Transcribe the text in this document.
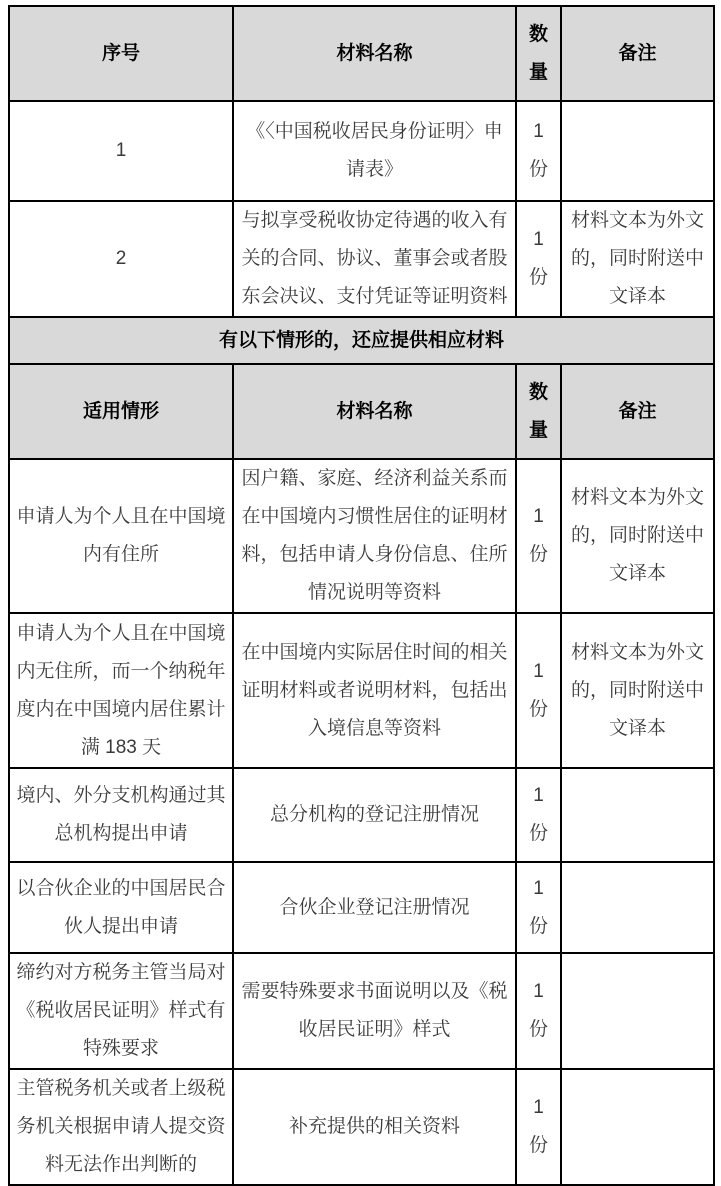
序号	材料名称	数量	备注
1	《〈中国税收居民身份证明〉申请表》	1 份	
2	与拟享受税收协定待遇的收入有关的合同、协议、董事会或者股东会决议、支付凭证等证明资料	1 份	材料文本为外文的，同时附送中文译本
有以下情形的，还应提供相应材料			
适用情形	材料名称	数量	备注
申请人为个人且在中国境内有住所	因户籍、家庭、经济利益关系而在中国境内习惯性居住的证明材料，包括申请人身份信息、住所情况说明等资料	1 份	材料文本为外文的，同时附送中文译本
申请人为个人且在中国境内无住所，而一个纳税年度内在中国境内居住累计满 183 天	在中国境内实际居住时间的相关证明材料或者说明材料，包括出入境信息等资料	1 份	材料文本为外文的，同时附送中文译本
境内、外分支机构通过其总机构提出申请	总分机构的登记注册情况	1 份	
以合伙企业的中国居民合伙人提出申请	合伙企业登记注册情况	1 份	
缔约对方税务主管当局对《税收居民证明》样式有特殊要求	需要特殊要求书面说明以及《税收居民证明》样式	1 份	
主管税务机关或者上级税务机关根据申请人提交资料无法作出判断的	补充提供的相关资料	1 份	
